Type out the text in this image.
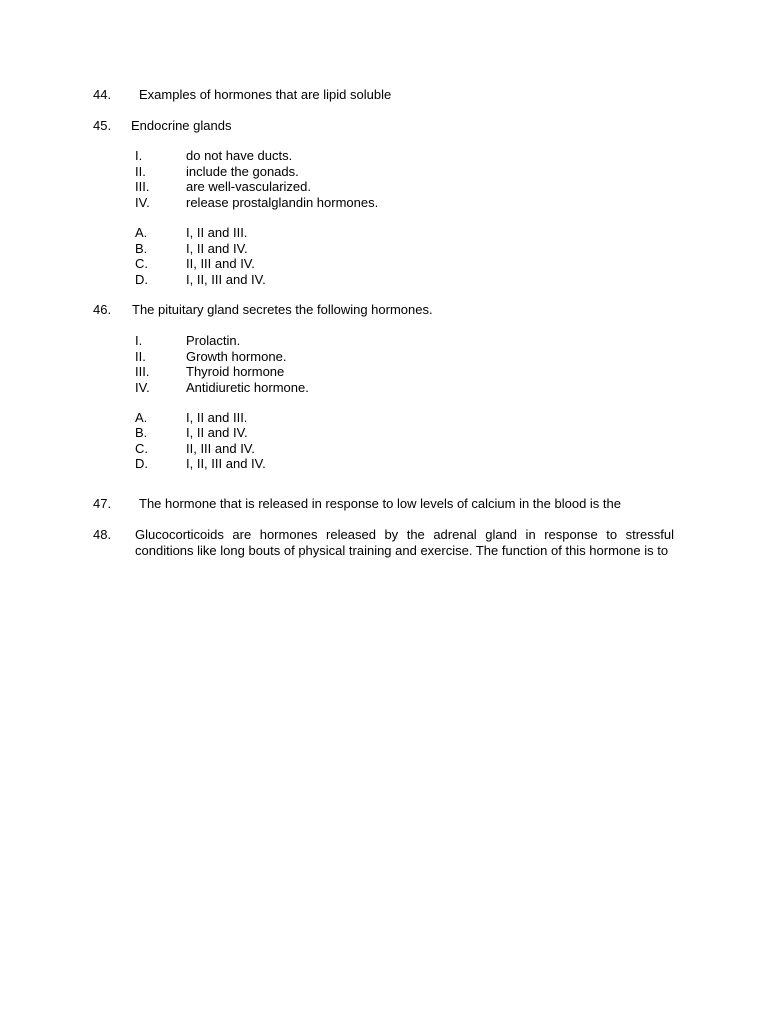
44. Examples of hormones that are lipid soluble
45. Endocrine glands
I.	do not have ducts.
II.	include the gonads.
III.	are well-vascularized.
IV.	release prostalglandin hormones.
A.	I, II and III.
B.	I, II and IV.
C.	II, III and IV.
D.	I, II, III and IV.
46. The pituitary gland secretes the following hormones.
I.	Prolactin.
II.	Growth hormone.
III.	Thyroid hormone
IV.	Antidiuretic hormone.
A.	I, II and III.
B.	I, II and IV.
C.	II, III and IV.
D.	I, II, III and IV.
47. The hormone that is released in response to low levels of calcium in the blood is the
48. Glucocorticoids are hormones released by the adrenal gland in response to stressful conditions like long bouts of physical training and exercise. The function of this hormone is to
